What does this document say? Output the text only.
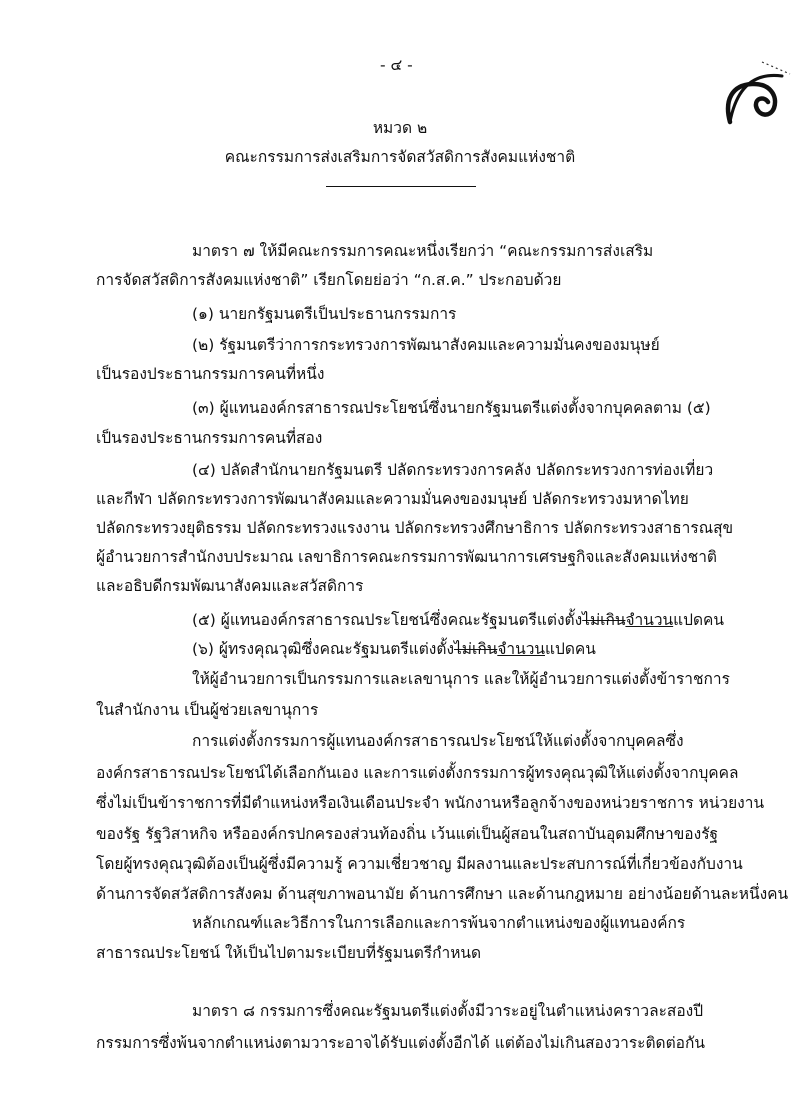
- ๔ -
หมวด ๒
คณะกรรมการส่งเสริมการจัดสวัสดิการสังคมแห่งชาติ
มาตรา ๗ ให้มีคณะกรรมการคณะหนึ่งเรียกว่า “คณะกรรมการส่งเสริม
การจัดสวัสดิการสังคมแห่งชาติ” เรียกโดยย่อว่า “ก.ส.ค.” ประกอบด้วย
(๑) นายกรัฐมนตรีเป็นประธานกรรมการ
(๒) รัฐมนตรีว่าการกระทรวงการพัฒนาสังคมและความมั่นคงของมนุษย์
เป็นรองประธานกรรมการคนที่หนึ่ง
(๓) ผู้แทนองค์กรสาธารณประโยชน์ซึ่งนายกรัฐมนตรีแต่งตั้งจากบุคคลตาม (๕)
เป็นรองประธานกรรมการคนที่สอง
(๔) ปลัดสำนักนายกรัฐมนตรี ปลัดกระทรวงการคลัง ปลัดกระทรวงการท่องเที่ยว
และกีฬา ปลัดกระทรวงการพัฒนาสังคมและความมั่นคงของมนุษย์ ปลัดกระทรวงมหาดไทย
ปลัดกระทรวงยุติธรรม ปลัดกระทรวงแรงงาน ปลัดกระทรวงศึกษาธิการ ปลัดกระทรวงสาธารณสุข
ผู้อำนวยการสำนักงบประมาณ เลขาธิการคณะกรรมการพัฒนาการเศรษฐกิจและสังคมแห่งชาติ
และอธิบดีกรมพัฒนาสังคมและสวัสดิการ
(๕) ผู้แทนองค์กรสาธารณประโยชน์ซึ่งคณะรัฐมนตรีแต่งตั้งไม่เกินจำนวนแปดคน
(๖) ผู้ทรงคุณวุฒิซึ่งคณะรัฐมนตรีแต่งตั้งไม่เกินจำนวนแปดคน
ให้ผู้อำนวยการเป็นกรรมการและเลขานุการ และให้ผู้อำนวยการแต่งตั้งข้าราชการ
ในสำนักงาน เป็นผู้ช่วยเลขานุการ
การแต่งตั้งกรรมการผู้แทนองค์กรสาธารณประโยชน์ให้แต่งตั้งจากบุคคลซึ่ง
องค์กรสาธารณประโยชน์ได้เลือกกันเอง และการแต่งตั้งกรรมการผู้ทรงคุณวุฒิให้แต่งตั้งจากบุคคล
ซึ่งไม่เป็นข้าราชการที่มีตำแหน่งหรือเงินเดือนประจำ พนักงานหรือลูกจ้างของหน่วยราชการ หน่วยงาน
ของรัฐ รัฐวิสาหกิจ หรือองค์กรปกครองส่วนท้องถิ่น เว้นแต่เป็นผู้สอนในสถาบันอุดมศึกษาของรัฐ
โดยผู้ทรงคุณวุฒิต้องเป็นผู้ซึ่งมีความรู้ ความเชี่ยวชาญ มีผลงานและประสบการณ์ที่เกี่ยวข้องกับงาน
ด้านการจัดสวัสดิการสังคม ด้านสุขภาพอนามัย ด้านการศึกษา และด้านกฎหมาย อย่างน้อยด้านละหนึ่งคน
หลักเกณฑ์และวิธีการในการเลือกและการพ้นจากตำแหน่งของผู้แทนองค์กร
สาธารณประโยชน์ ให้เป็นไปตามระเบียบที่รัฐมนตรีกำหนด
มาตรา ๘ กรรมการซึ่งคณะรัฐมนตรีแต่งตั้งมีวาระอยู่ในตำแหน่งคราวละสองปี
กรรมการซึ่งพ้นจากตำแหน่งตามวาระอาจได้รับแต่งตั้งอีกได้ แต่ต้องไม่เกินสองวาระติดต่อกัน
